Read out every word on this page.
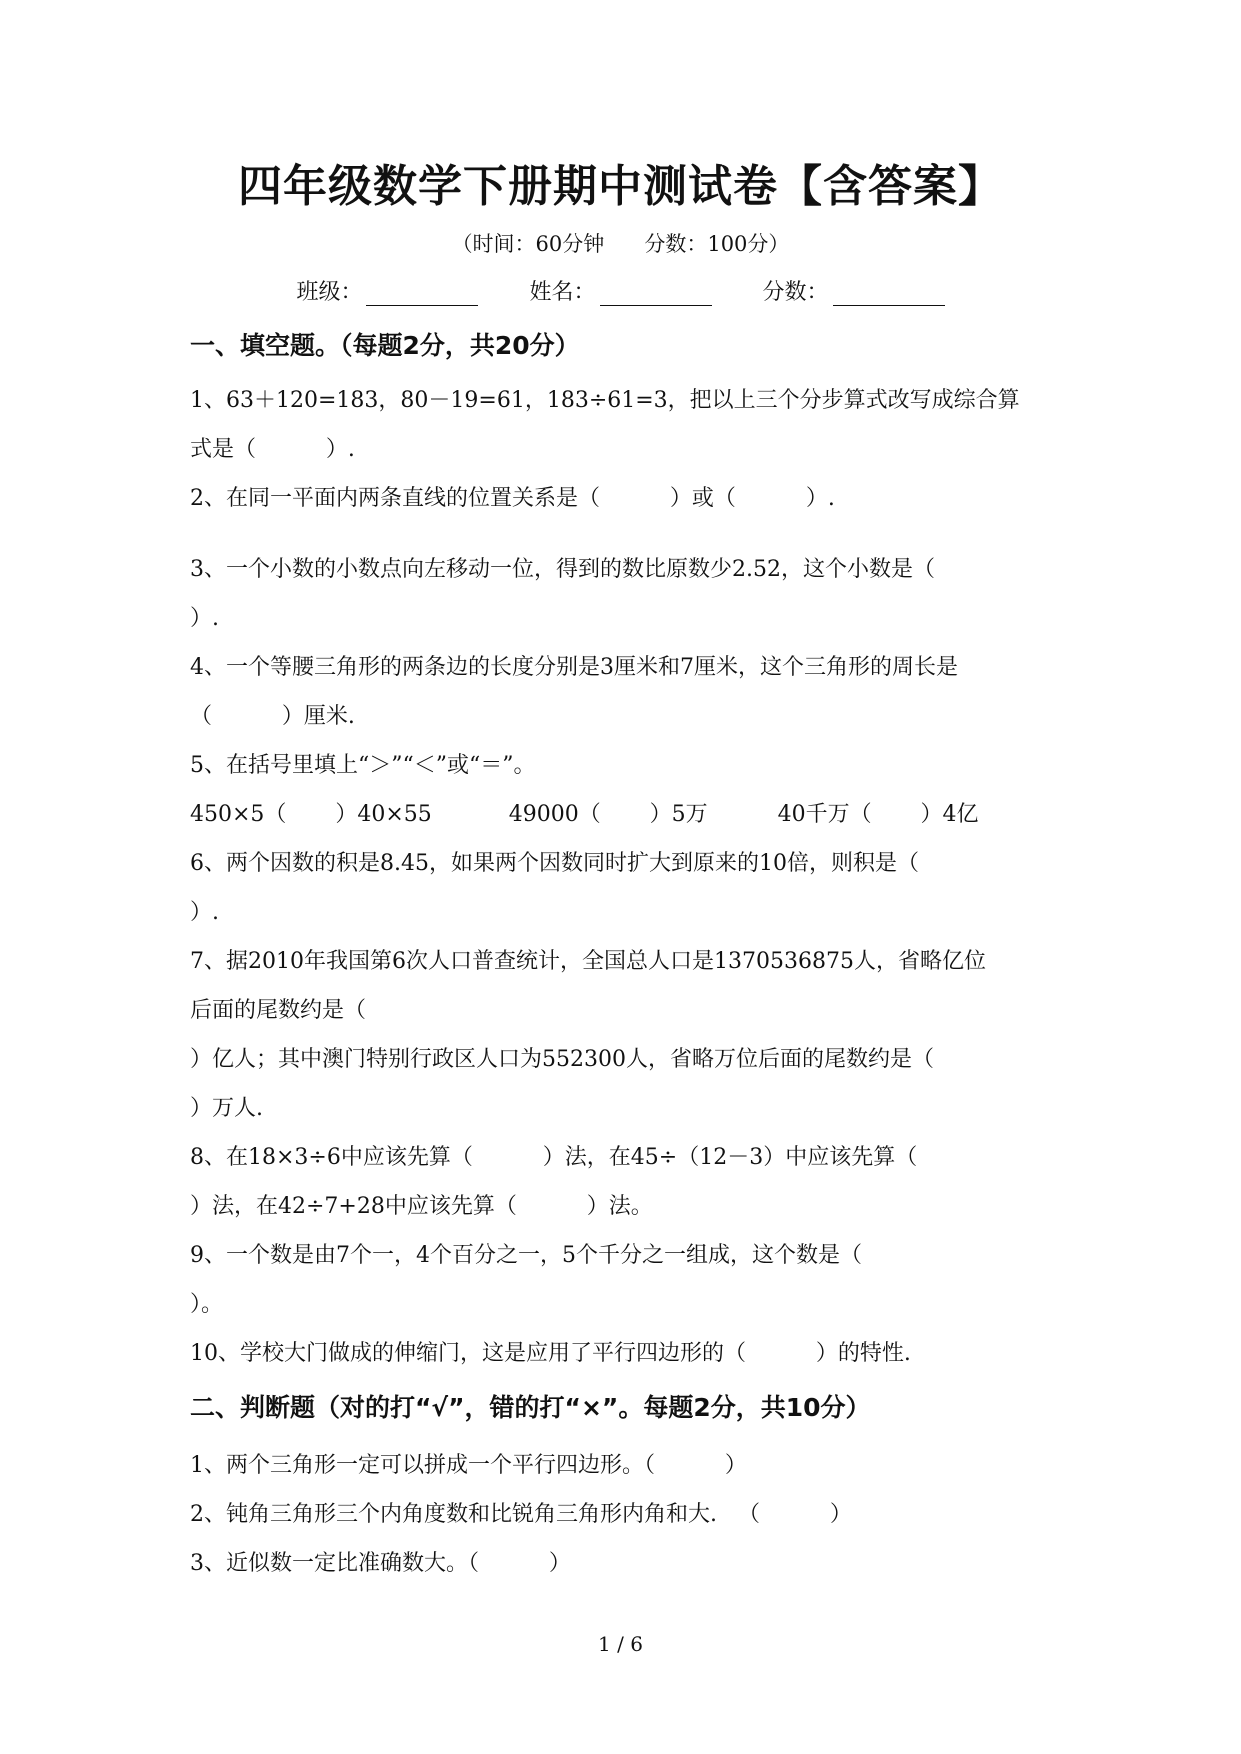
四年级数学下册期中测试卷【含答案】
（时间：60分钟      分数：100分）
班级：	姓名：	分数：
一、填空题。（每题2分，共20分）
1、63＋120=183，80－19=61，183÷61=3，把以上三个分步算式改写成综合算
式是（          ）.
2、在同一平面内两条直线的位置关系是（          ）或（          ）.
3、一个小数的小数点向左移动一位，得到的数比原数少2.52，这个小数是（
）.
4、一个等腰三角形的两条边的长度分别是3厘米和7厘米，这个三角形的周长是
（          ）厘米.
5、在括号里填上“＞”“＜”或“＝”。
450×5（       ）40×55           49000（       ）5万          40千万（       ）4亿
6、两个因数的积是8.45，如果两个因数同时扩大到原来的10倍，则积是（
）.
7、据2010年我国第6次人口普查统计，全国总人口是1370536875人，省略亿位
后面的尾数约是（
）亿人；其中澳门特别行政区人口为552300人，省略万位后面的尾数约是（
）万人.
8、在18×3÷6中应该先算（          ）法，在45÷（12－3）中应该先算（
）法，在42÷7+28中应该先算（          ）法。
9、一个数是由7个一，4个百分之一，5个千分之一组成，这个数是（
）。
10、学校大门做成的伸缩门，这是应用了平行四边形的（          ）的特性.
二、判断题（对的打“√”，错的打“×”。每题2分，共10分）
1、两个三角形一定可以拼成一个平行四边形。（          ）
2、钝角三角形三个内角度数和比锐角三角形内角和大.   （          ）
3、近似数一定比准确数大。（          ）
1 / 6
